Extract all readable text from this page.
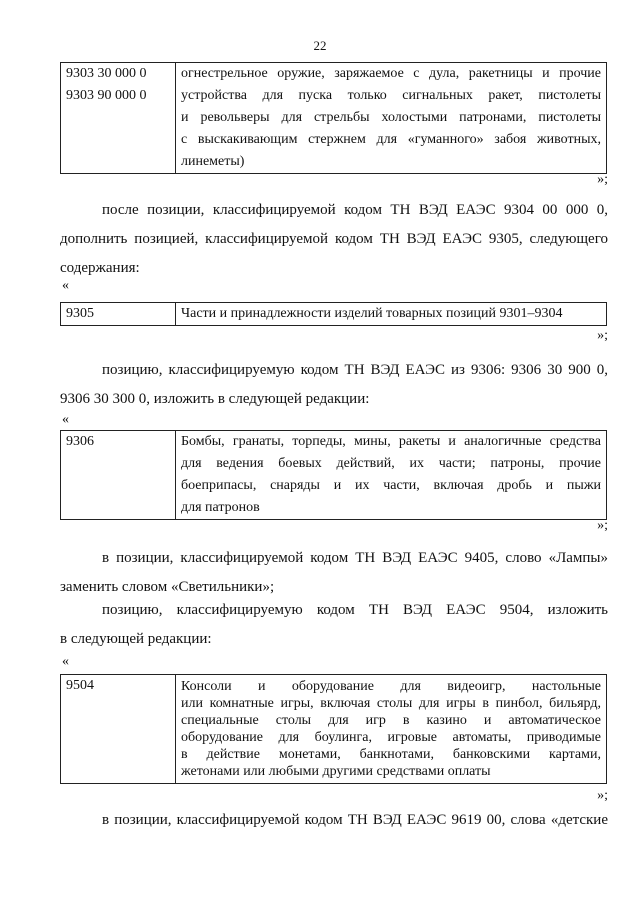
22
9303 30 000 0
9303 90 000 0

огнестрельное оружие, заряжаемое с дула, ракетницы и прочие
устройства для пуска только сигнальных ракет, пистолеты
и револьверы для стрельбы холостыми патронами, пистолеты
с выскакивающим стержнем для «гуманного» забоя животных,
линеметы)
»;
после позиции, классифицируемой кодом ТН ВЭД ЕАЭС 9304 00 000 0,
дополнить позицией, классифицируемой кодом ТН ВЭД ЕАЭС 9305, следующего
содержания:
«
9305	Части и принадлежности изделий товарных позиций 9301–9304
»;
позицию, классифицируемую кодом ТН ВЭД ЕАЭС из 9306: 9306 30 900 0,
9306 30 300 0, изложить в следующей редакции:
«
9306	Бомбы, гранаты, торпеды, мины, ракеты и аналогичные средства
для ведения боевых действий, их части; патроны, прочие
боеприпасы, снаряды и их части, включая дробь и пыжи
для патронов
»;
в позиции, классифицируемой кодом ТН ВЭД ЕАЭС 9405, слово «Лампы»
заменить словом «Светильники»;
позицию, классифицируемую кодом ТН ВЭД ЕАЭС 9504, изложить
в следующей редакции:
«
9504	Консоли и оборудование для видеоигр, настольные
или комнатные игры, включая столы для игры в пинбол, бильярд,
специальные столы для игр в казино и автоматическое
оборудование для боулинга, игровые автоматы, приводимые
в действие монетами, банкнотами, банковскими картами,
жетонами или любыми другими средствами оплаты
»;
в позиции, классифицируемой кодом ТН ВЭД ЕАЭС 9619 00, слова «детские
